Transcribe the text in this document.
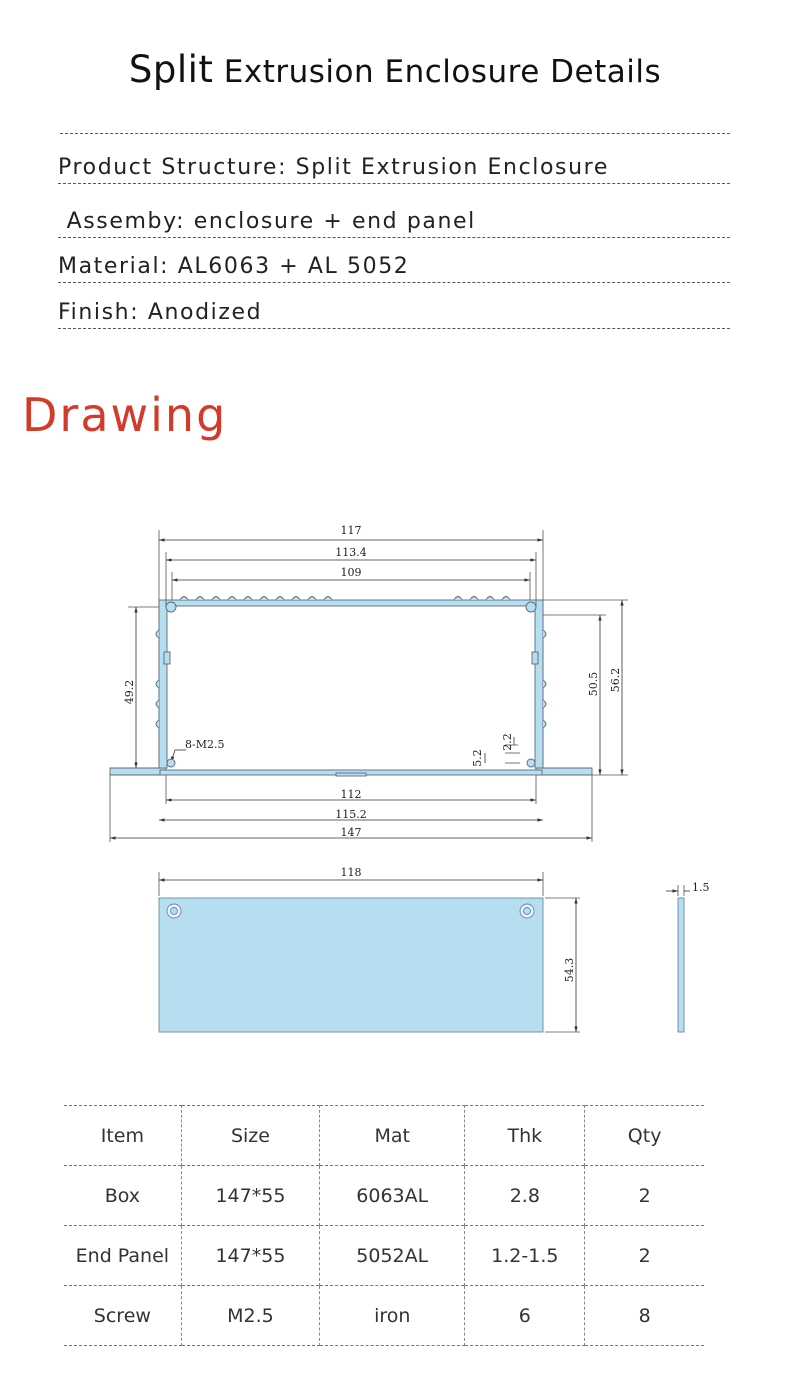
Split Extrusion Enclosure Details
Product Structure: Split Extrusion Enclosure
Assemby: enclosure + end panel
Material: AL6063 + AL 5052
Finish: Anodized
Drawing
117
113.4
109
49.2	50.5 56.2
8-M2.5
5.2
2.2
112
115.2
147
118
54.3
1.5
Item	Size	Mat	Thk	Qty
Box	147*55	6063AL	2.8	2
End Panel	147*55	5052AL	1.2-1.5	2
Screw	M2.5	iron	6	8
